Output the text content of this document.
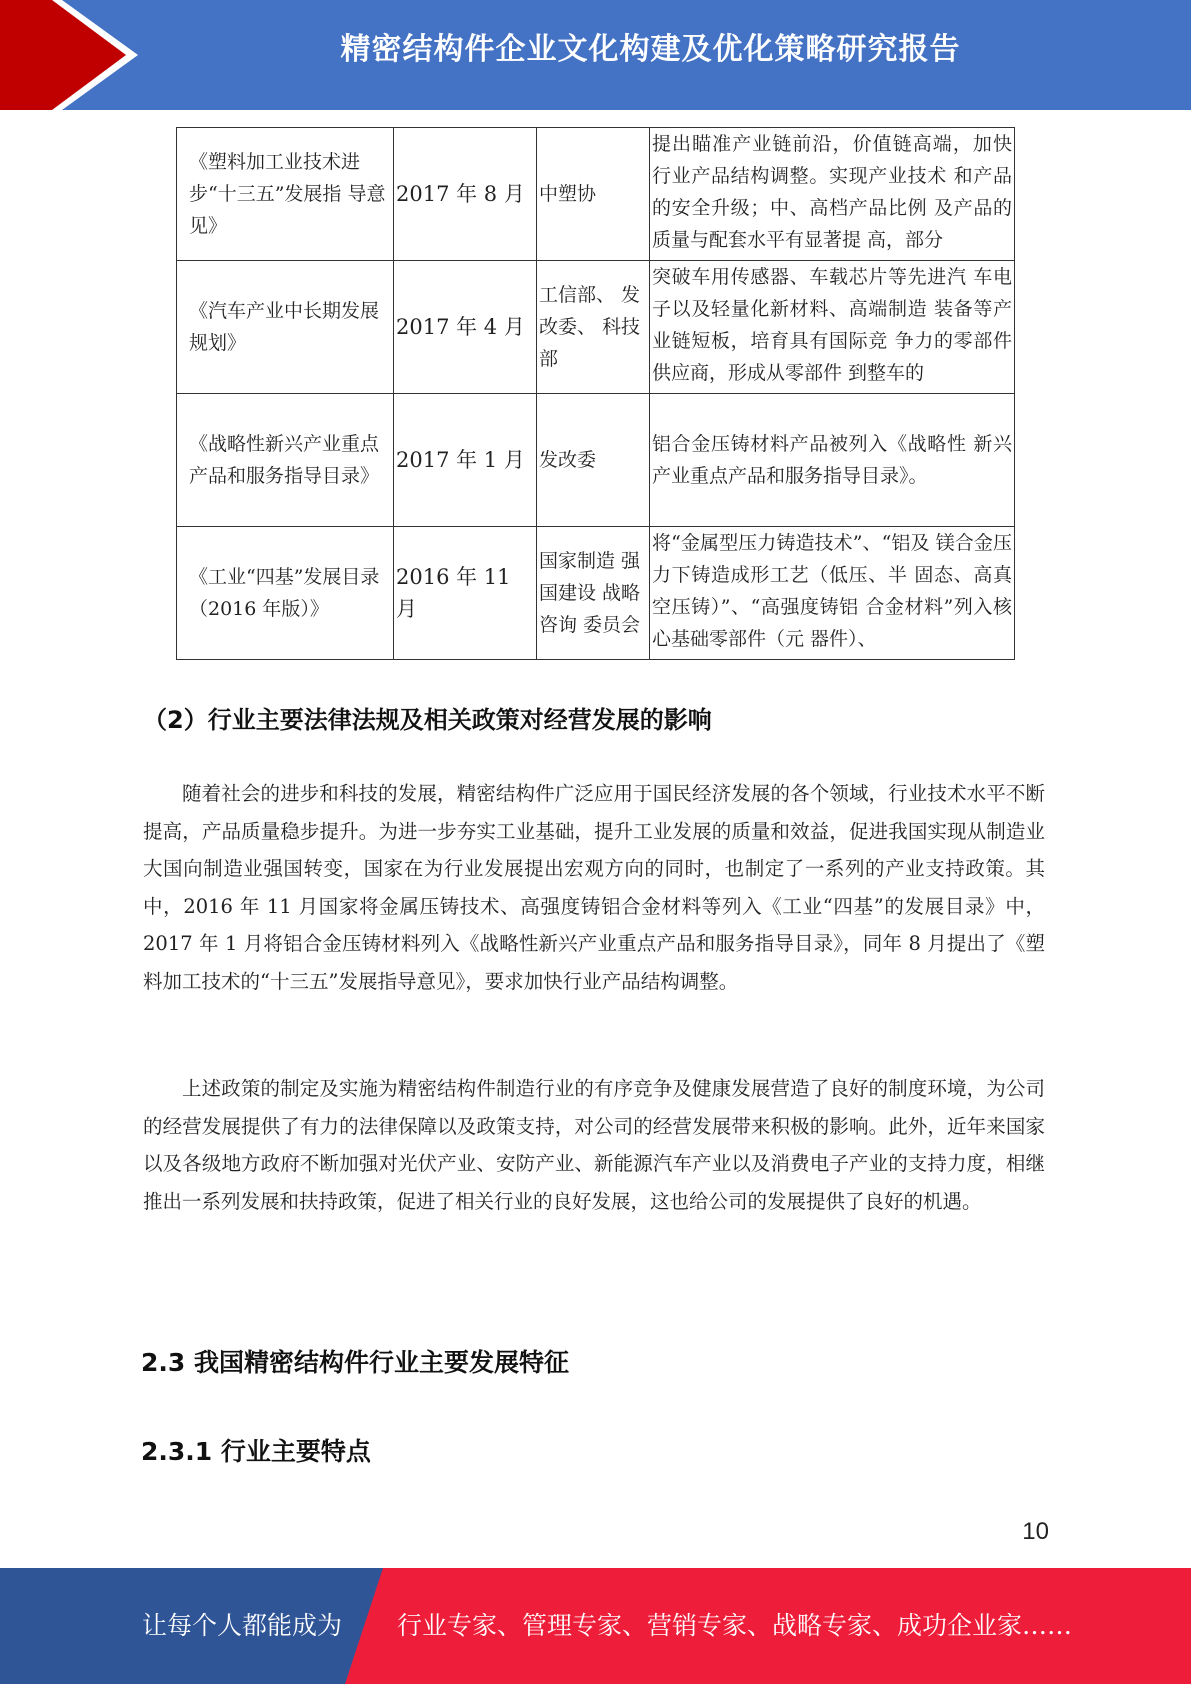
精密结构件企业文化构建及优化策略研究报告
《塑料加工业技术进步“十三五”发展指 导意见》	2017 年 8 月	中塑协	提出瞄准产业链前沿，价值链高端，加快行业产品结构调整。实现产业技术 和产品的安全升级；中、高档产品比例 及产品的质量与配套水平有显著提 高，部分

《汽车产业中长期发展规划》	2017 年 4 月	工信部、 发改委、 科技部	突破车用传感器、车载芯片等先进汽 车电子以及轻量化新材料、高端制造 装备等产业链短板，培育具有国际竞 争力的零部件供应商，形成从零部件 到整车的

《战略性新兴产业重点产品和服务指导目录》	2017 年 1 月	发改委	铝合金压铸材料产品被列入《战略性 新兴产业重点产品和服务指导目录》。

《工业“四基”发展目录（2016 年版）》	2016 年 11 月	国家制造 强国建设 战略咨询 委员会	将“金属型压力铸造技术”、“铝及 镁合金压力下铸造成形工艺（低压、半 固态、高真空压铸）”、“高强度铸铝 合金材料”列入核心基础零部件（元 器件）、
（2）行业主要法律法规及相关政策对经营发展的影响

随着社会的进步和科技的发展，精密结构件广泛应用于国民经济发展的各个领域，行业技术水平不断提高，产品质量稳步提升。为进一步夯实工业基础，提升工业发展的质量和效益，促进我国实现从制造业大国向制造业强国转变，国家在为行业发展提出宏观方向的同时，也制定了一系列的产业支持政策。其中，2016 年 11 月国家将金属压铸技术、高强度铸铝合金材料等列入《工业“四基”的发展目录》中，2017 年 1 月将铝合金压铸材料列入《战略性新兴产业重点产品和服务指导目录》，同年 8 月提出了《塑料加工技术的“十三五”发展指导意见》，要求加快行业产品结构调整。

上述政策的制定及实施为精密结构件制造行业的有序竞争及健康发展营造了良好的制度环境，为公司的经营发展提供了有力的法律保障以及政策支持，对公司的经营发展带来积极的影响。此外，近年来国家以及各级地方政府不断加强对光伏产业、安防产业、新能源汽车产业以及消费电子产业的支持力度，相继推出一系列发展和扶持政策，促进了相关行业的良好发展，这也给公司的发展提供了良好的机遇。

2.3 我国精密结构件行业主要发展特征
2.3.1 行业主要特点
10
让每个人都能成为 行业专家、管理专家、营销专家、战略专家、成功企业家……
